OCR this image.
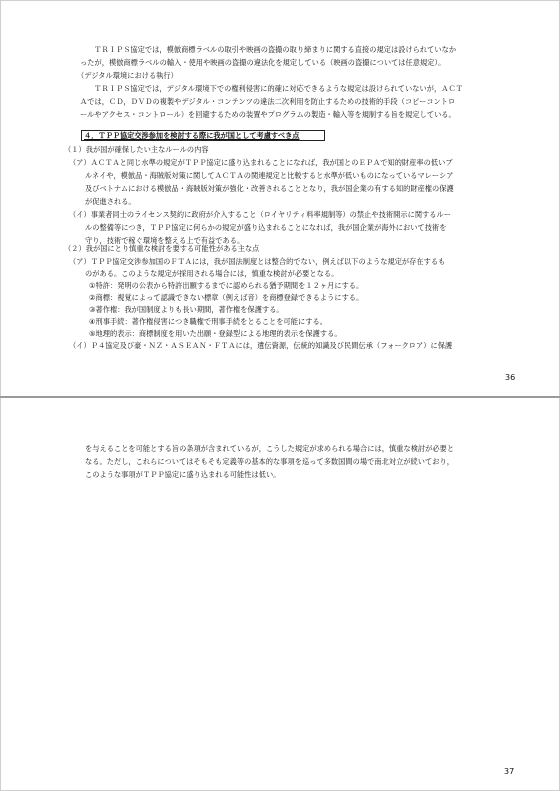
　ＴＲＩＰＳ協定では，模倣商標ラベルの取引や映画の盗撮の取り締まりに関する直接の規定は設けられていなか
ったが，模倣商標ラベルの輸入・使用や映画の盗撮の違法化を規定している（映画の盗撮については任意規定）。
（デジタル環境における執行）
　ＴＲＩＰＳ協定では，デジタル環境下での権利侵害に的確に対応できるような規定は設けられていないが，ＡＣＴ
Ａでは，ＣＤ，ＤＶＤの複製やデジタル・コンテンツの違法二次利用を防止するための技術的手段（コピーコントロ
ールやアクセス・コントロール）を回避するための装置やプログラムの製造・輸入等を規制する旨を規定している。
４．ＴＰＰ協定交渉参加を検討する際に我が国として考慮すべき点
（１）我が国が確保したい主なルールの内容
（ア）ＡＣＴＡと同じ水準の規定がＴＰＰ協定に盛り込まれることになれば，我が国とのＥＰＡで知的財産率の低いブ
ルネイや，模倣品・海賊版対策に関してＡＣＴＡの関連規定と比較すると水準が低いものになっているマレーシア
及びベトナムにおける模倣品・海賊版対策が強化・改善されることとなり，我が国企業の有する知的財産権の保護
が促進される。
（イ）事業者同士のライセンス契約に政府が介入すること（ロイヤリティ料率規制等）の禁止や技術開示に関するルー
ルの整備等につき，ＴＰＰ協定に何らかの規定が盛り込まれることになれば，我が国企業が海外において技術を
守り，技術で稼ぐ環境を整える上で有益である。
（２）我が国にとり慎重な検討を要する可能性がある主な点
（ア）ＴＰＰ協定交渉参加国のＦＴＡには，我が国法制度とは整合的でない，例えば以下のような規定が存在するも
のがある。このような規定が採用される場合には，慎重な検討が必要となる。
①特許：発明の公表から特許出願するまでに認められる猶予期間を１２ヶ月にする。
②商標：視覚によって認識できない標章（例えば音）を商標登録できるようにする。
③著作権：我が国制度よりも長い期間，著作権を保護する。
④刑事手続：著作権侵害につき職権で刑事手続をとることを可能にする。
⑤地理的表示：商標制度を用いた出願・登録型による地理的表示を保護する。
（イ）Ｐ４協定及び豪・ＮＺ・ＡＳＥＡＮ・ＦＴＡには，遺伝資源，伝統的知識及び民間伝承（フォークロア）に保護
36
を与えることを可能とする旨の条項が含まれているが，こうした規定が求められる場合には，慎重な検討が必要と
なる。ただし，これらについてはそもそも定義等の基本的な事項を巡って多数国間の場で南北対立が続いており，
このような事項がＴＰＰ協定に盛り込まれる可能性は低い。
37
